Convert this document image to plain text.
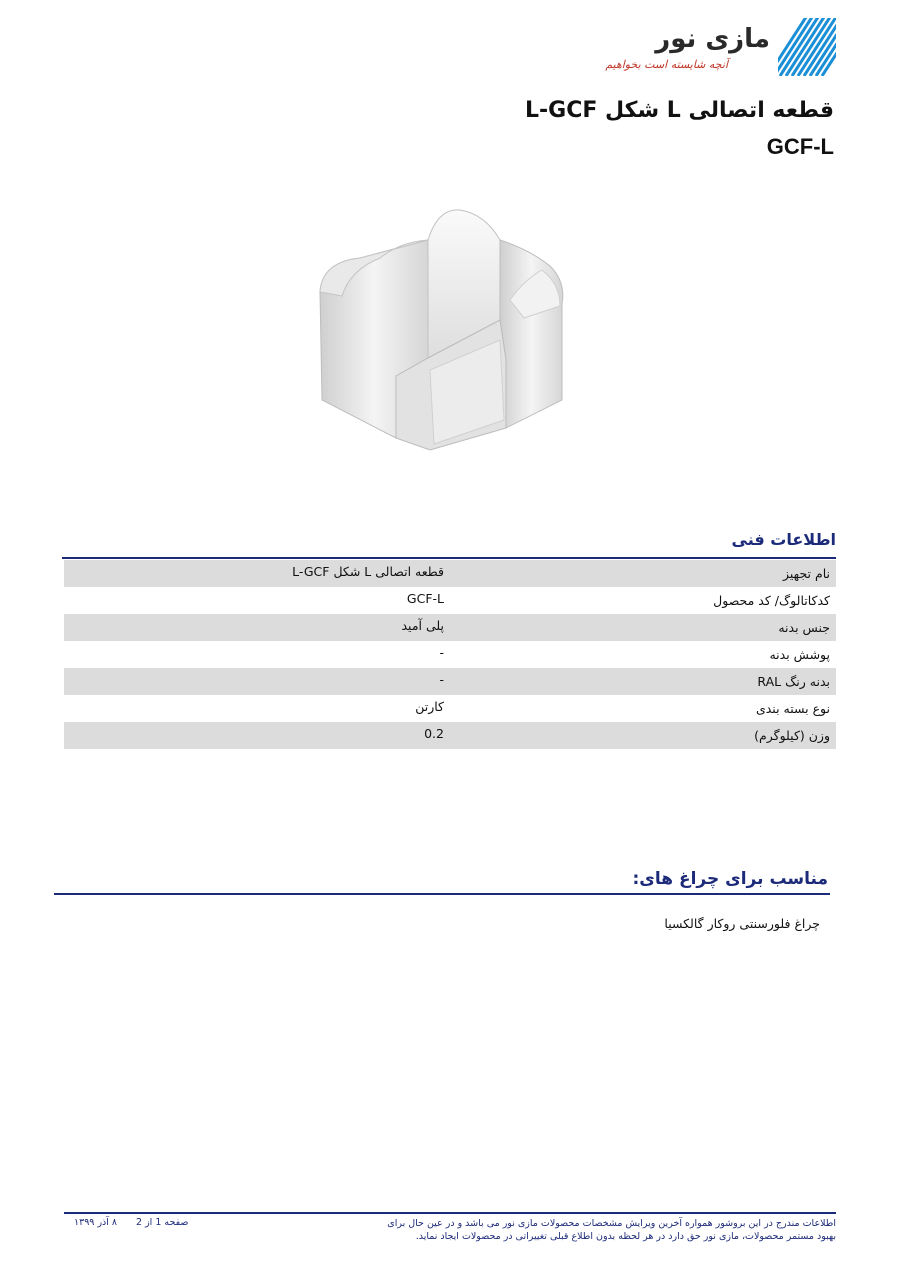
مازی نور
آنچه شایسته است بخواهیم
قطعه اتصالی L شکل L-GCF
GCF-L
اطلاعات فنی
نام تجهیز
قطعه اتصالی L شکل L-GCF
کدکاتالوگ/ کد محصول
GCF-L
جنس بدنه
پلی آمید
پوشش بدنه
-
بدنه رنگ RAL
-
نوع بسته بندی
کارتن
وزن (کیلوگرم)
0.2
مناسب برای چراغ های:
چراغ فلورسنتی روکار گالکسیا
اطلاعات مندرج در این بروشور همواره آخرین ویرایش مشخصات محصولات مازی نور می باشد و در عین حال برای بهبود مستمر محصولات، مازی نور حق دارد در هر لحظه بدون اطلاع قبلی تغییراتی در محصولات ایجاد نماید.
صفحه 1 از 2
۸ آذر ۱۳۹۹
